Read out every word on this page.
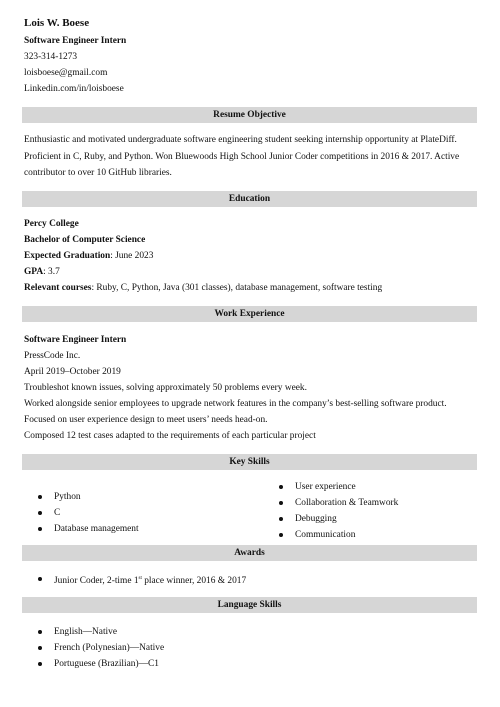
Lois W. Boese
Software Engineer Intern
323-314-1273
loisboese@gmail.com
Linkedin.com/in/loisboese
Resume Objective
Enthusiastic and motivated undergraduate software engineering student seeking internship opportunity at PlateDiff.
Proficient in C, Ruby, and Python. Won Bluewoods High School Junior Coder competitions in 2016 & 2017. Active
contributor to over 10 GitHub libraries.
Education
Percy College
Bachelor of Computer Science
Expected Graduation: June 2023
GPA: 3.7
Relevant courses: Ruby, C, Python, Java (301 classes), database management, software testing
Work Experience
Software Engineer Intern
PressCode Inc.
April 2019–October 2019
Troubleshot known issues, solving approximately 50 problems every week.
Worked alongside senior employees to upgrade network features in the company’s best-selling software product.
Focused on user experience design to meet users’ needs head-on.
Composed 12 test cases adapted to the requirements of each particular project
Key Skills
Python
C
Database management
User experience
Collaboration & Teamwork
Debugging
Communication
Awards
Junior Coder, 2-time 1st place winner, 2016 & 2017
Language Skills
English—Native
French (Polynesian)—Native
Portuguese (Brazilian)—C1
